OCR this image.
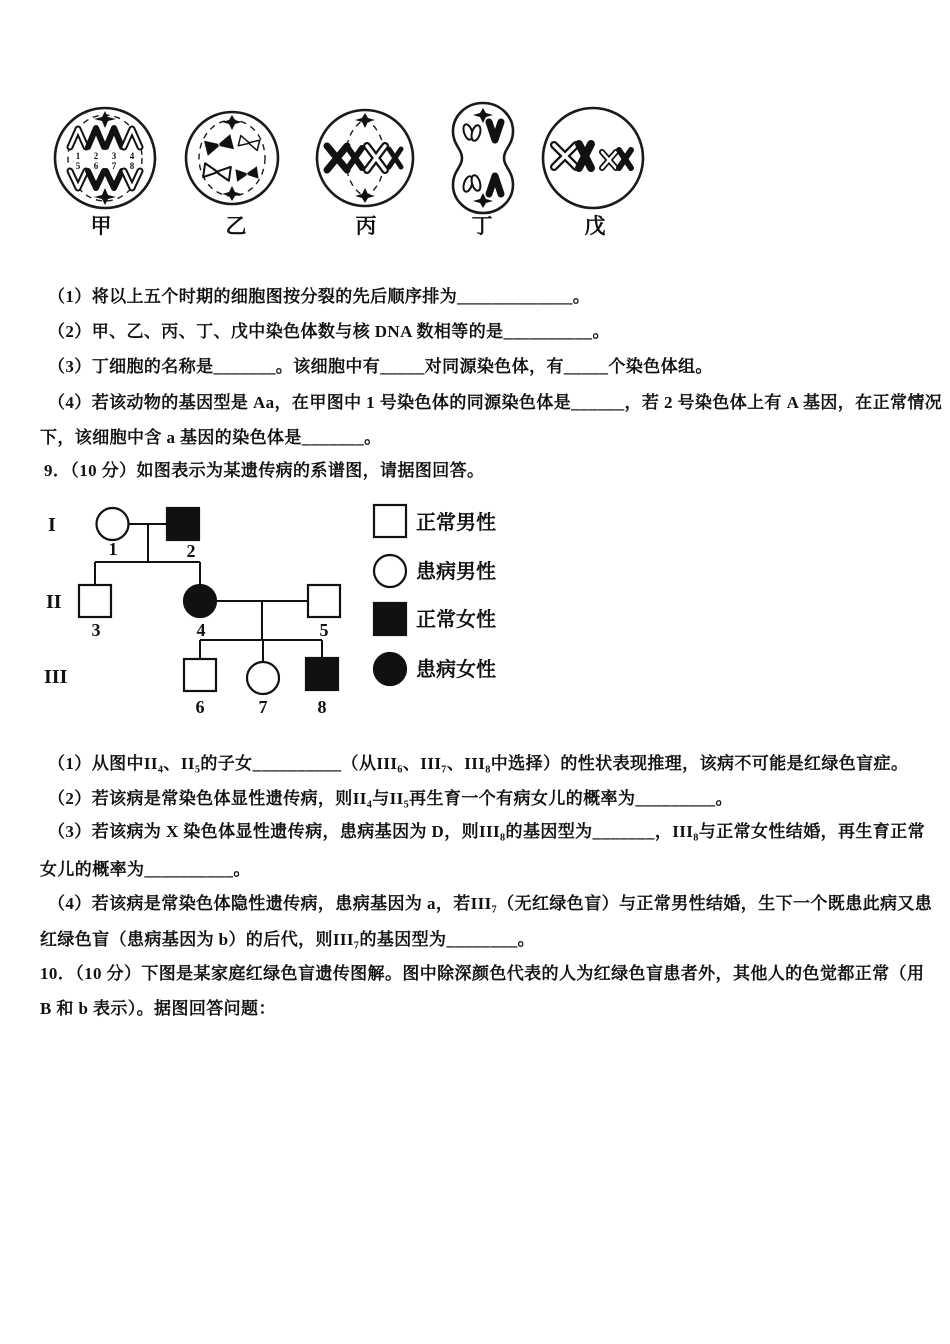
1
5
2
6
3
7
4
8
甲	乙	丙	丁	戊
（1）将以上五个时期的细胞图按分裂的先后顺序排为_____________。
（2）甲、乙、丙、丁、戊中染色体数与核 DNA 数相等的是__________。
（3）丁细胞的名称是_______。该细胞中有_____对同源染色体，有_____个染色体组。
（4）若该动物的基因型是 Aa，在甲图中 1 号染色体的同源染色体是______，若 2 号染色体上有 A 基因，在正常情况
下，该细胞中含 a 基因的染色体是_______。
9．（10 分）如图表示为某遗传病的系谱图，请据图回答。
I
II
III
1	2
3	4	5
6	7	8
正常男性
患病男性
正常女性
患病女性
（1）从图中II₄、II₅的子女__________（从III₆、III₇、III₈中选择）的性状表现推理，该病不可能是红绿色盲症。
（2）若该病是常染色体显性遗传病，则II₄与II₅再生育一个有病女儿的概率为_________。
（3）若该病为 X 染色体显性遗传病，患病基因为 D，则III₈的基因型为_______，III₈与正常女性结婚，再生育正常
女儿的概率为__________。
（4）若该病是常染色体隐性遗传病，患病基因为 a，若III₇（无红绿色盲）与正常男性结婚，生下一个既患此病又患
红绿色盲（患病基因为 b）的后代，则III₇的基因型为________。
10．（10 分）下图是某家庭红绿色盲遗传图解。图中除深颜色代表的人为红绿色盲患者外，其他人的色觉都正常（用
B 和 b 表示）。据图回答问题：
